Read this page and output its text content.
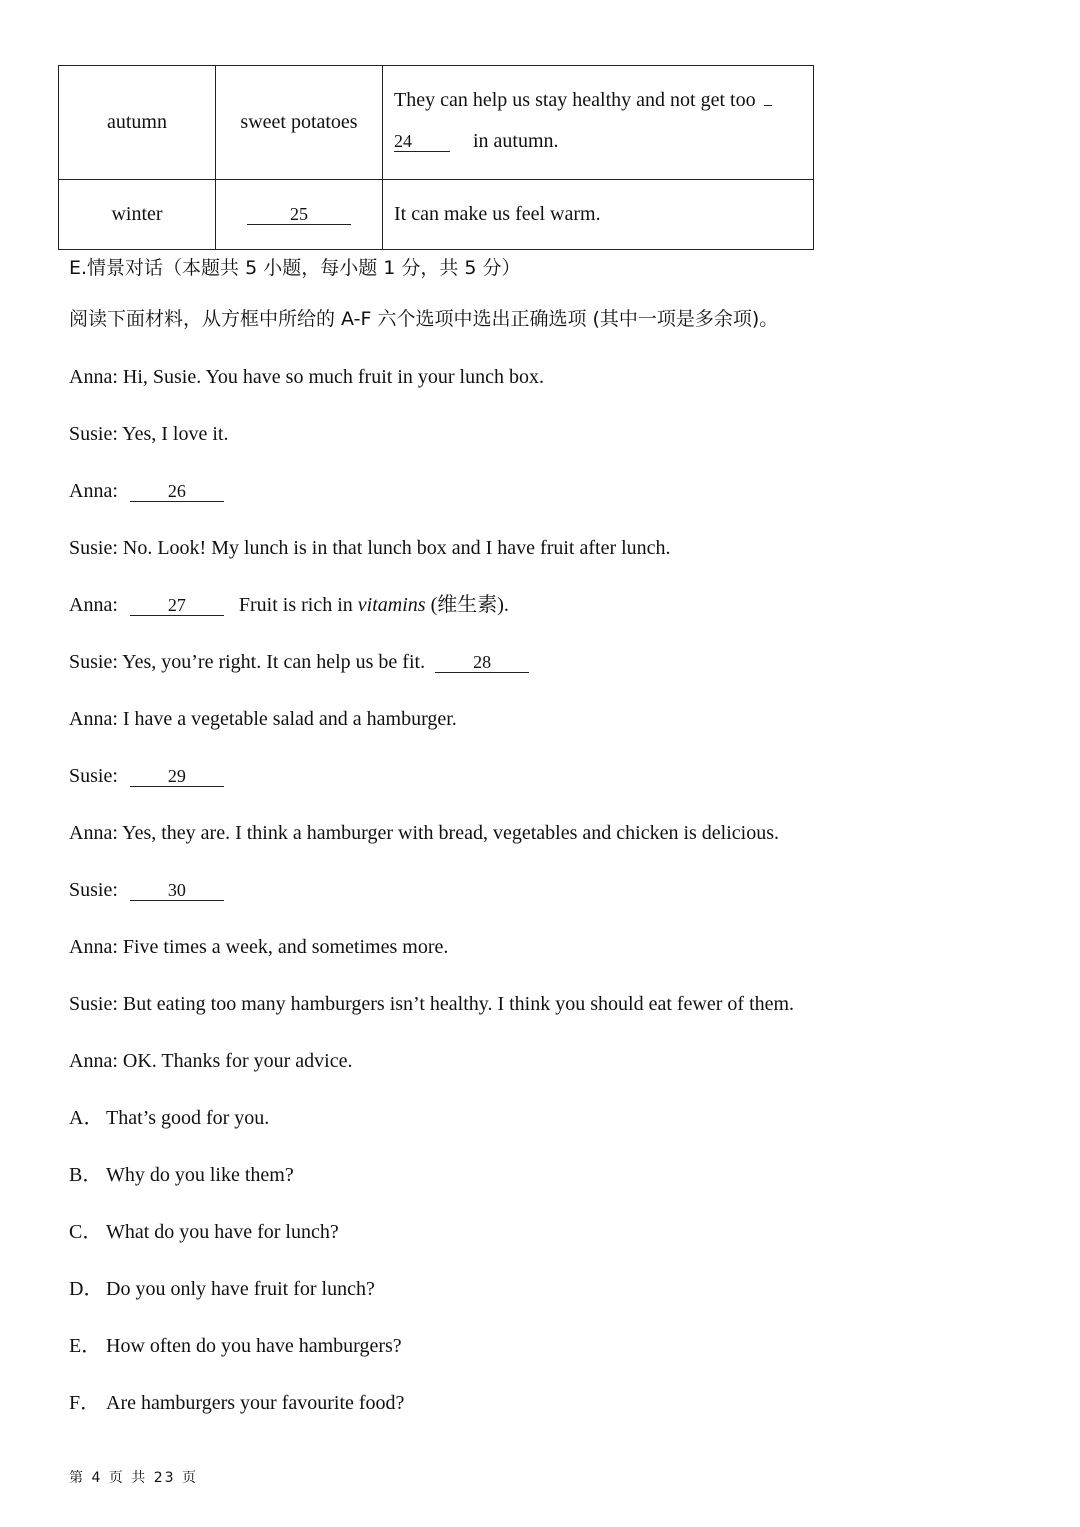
autumn	sweet potatoes	They can help us stay healthy and not get too
24 in autumn.

winter	25	It can make us feel warm.
E.情景对话（本题共 5 小题，每小题 1 分，共 5 分）
阅读下面材料，从方框中所给的 A-F 六个选项中选出正确选项 (其中一项是多余项)。
Anna: Hi, Susie. You have so much fruit in your lunch box.
Susie: Yes, I love it.
Anna:	26
Susie: No. Look! My lunch is in that lunch box and I have fruit after lunch.
Anna:	27	Fruit is rich in vitamins (维生素).
Susie: Yes, you’re right. It can help us be fit.	28
Anna: I have a vegetable salad and a hamburger.
Susie:	29
Anna: Yes, they are. I think a hamburger with bread, vegetables and chicken is delicious.
Susie:	30
Anna: Five times a week, and sometimes more.
Susie: But eating too many hamburgers isn’t healthy. I think you should eat fewer of them.
Anna: OK. Thanks for your advice.
A． That’s good for you.
B． Why do you like them?
C． What do you have for lunch?
D． Do you only have fruit for lunch?
E． How often do you have hamburgers?
F． Are hamburgers your favourite food?
第 4 页 共 23 页
